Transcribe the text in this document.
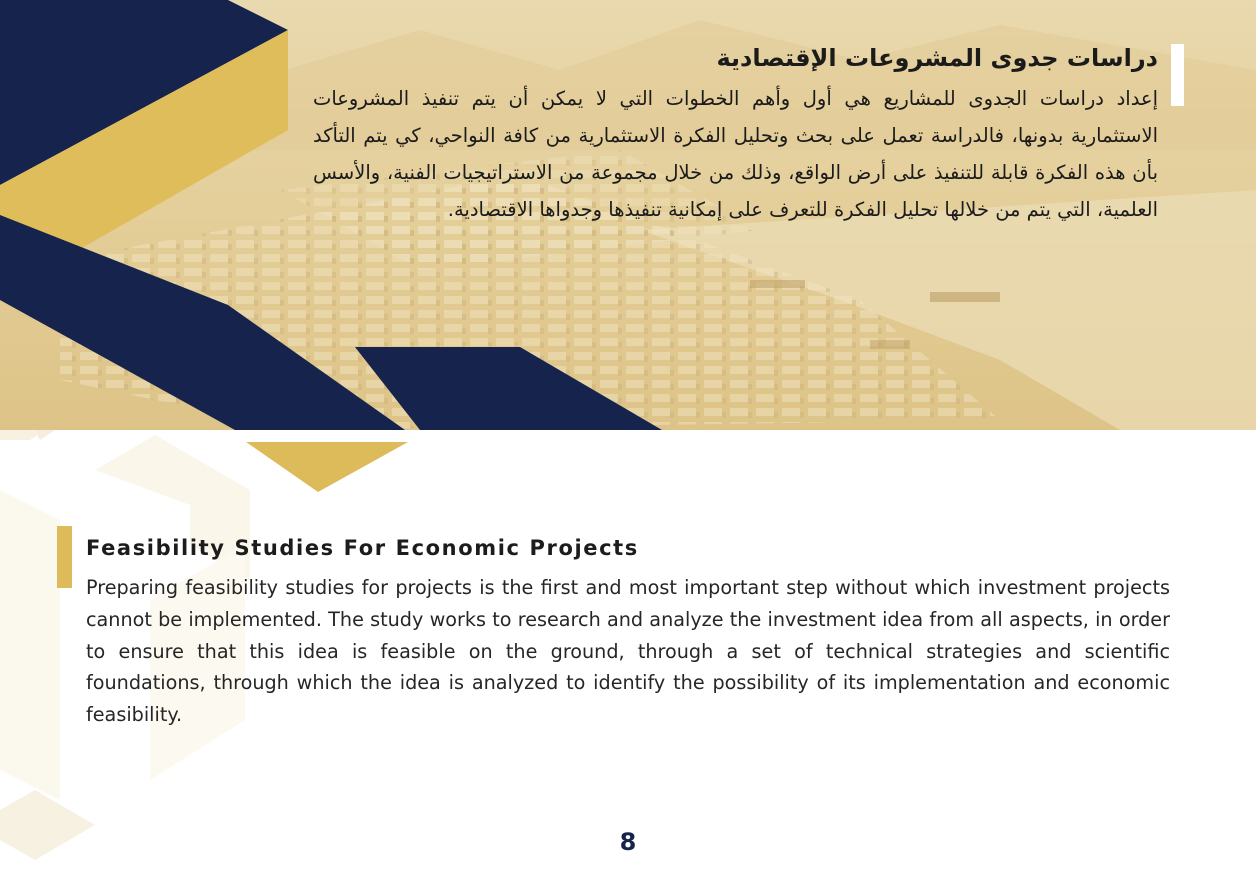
دراسات جدوى المشروعات الإقتصادية

إعداد دراسات الجدوى للمشاريع هي أول وأهم الخطوات التي لا يمكن أن يتم تنفيذ المشروعات الاستثمارية بدونها، فالدراسة تعمل على بحث وتحليل الفكرة الاستثمارية من كافة النواحي، كي يتم التأكد بأن هذه الفكرة قابلة للتنفيذ على أرض الواقع، وذلك من خلال مجموعة من الاستراتيجيات الفنية، والأسس العلمية، التي يتم من خلالها تحليل الفكرة للتعرف على إمكانية تنفيذها وجدواها الاقتصادية.

Feasibility Studies For Economic Projects

Preparing feasibility studies for projects is the first and most important step without which investment projects cannot be implemented. The study works to research and analyze the investment idea from all aspects, in order to ensure that this idea is feasible on the ground, through a set of technical strategies and scientific foundations, through which the idea is analyzed to identify the possibility of its implementation and economic feasibility.

8
